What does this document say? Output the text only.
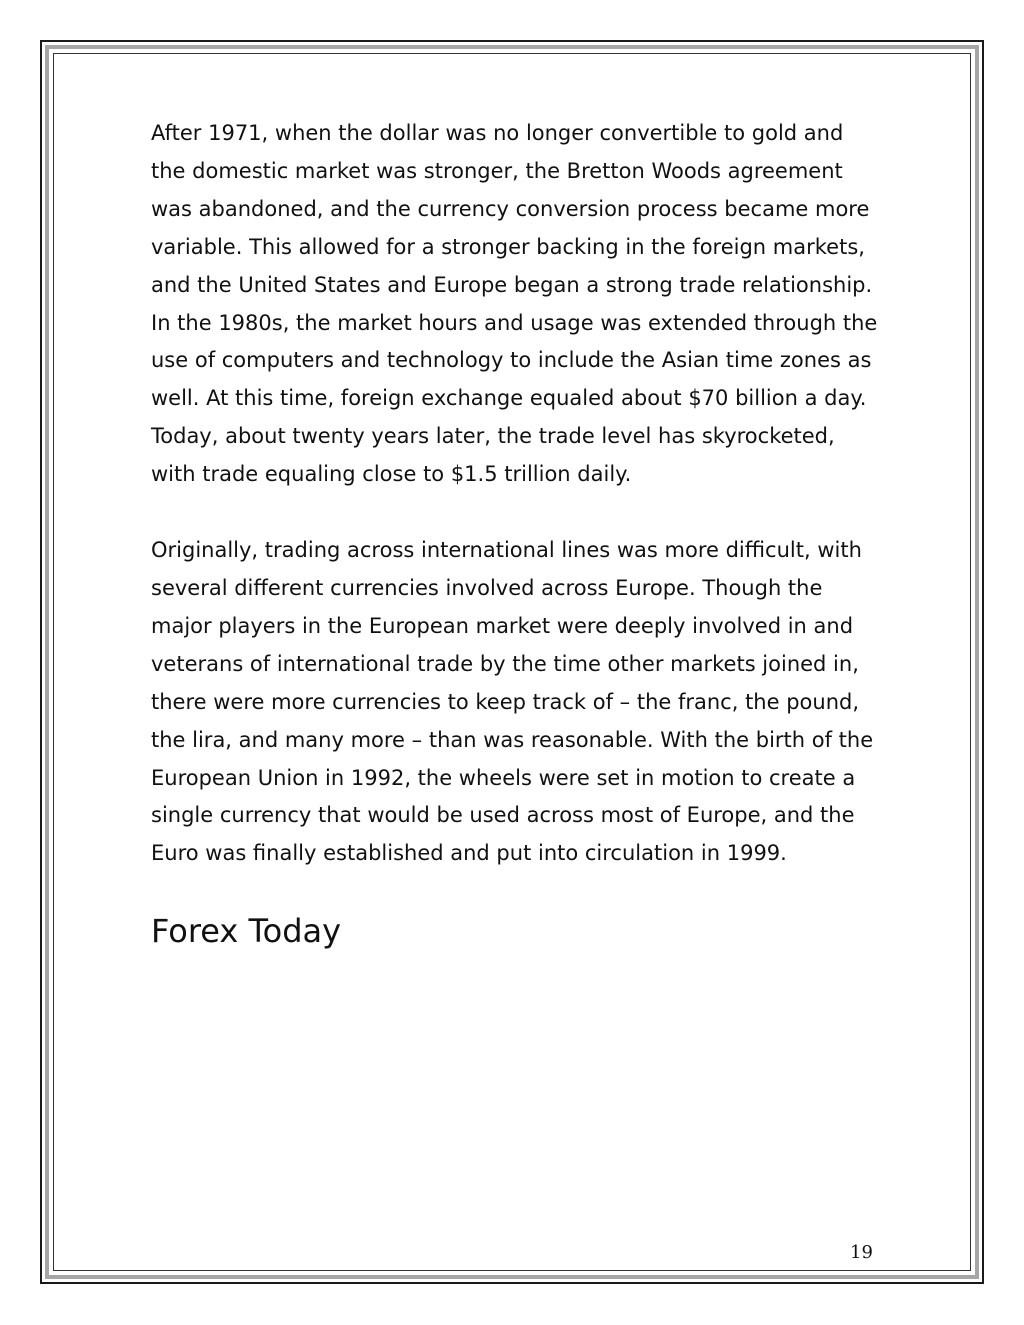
After 1971, when the dollar was no longer convertible to gold and the domestic market was stronger, the Bretton Woods agreement was abandoned, and the currency conversion process became more variable. This allowed for a stronger backing in the foreign markets, and the United States and Europe began a strong trade relationship. In the 1980s, the market hours and usage was extended through the use of computers and technology to include the Asian time zones as well. At this time, foreign exchange equaled about $70 billion a day. Today, about twenty years later, the trade level has skyrocketed, with trade equaling close to $1.5 trillion daily.

Originally, trading across international lines was more difficult, with several different currencies involved across Europe. Though the major players in the European market were deeply involved in and veterans of international trade by the time other markets joined in, there were more currencies to keep track of – the franc, the pound, the lira, and many more – than was reasonable. With the birth of the European Union in 1992, the wheels were set in motion to create a single currency that would be used across most of Europe, and the Euro was finally established and put into circulation in 1999.

Forex Today
19
